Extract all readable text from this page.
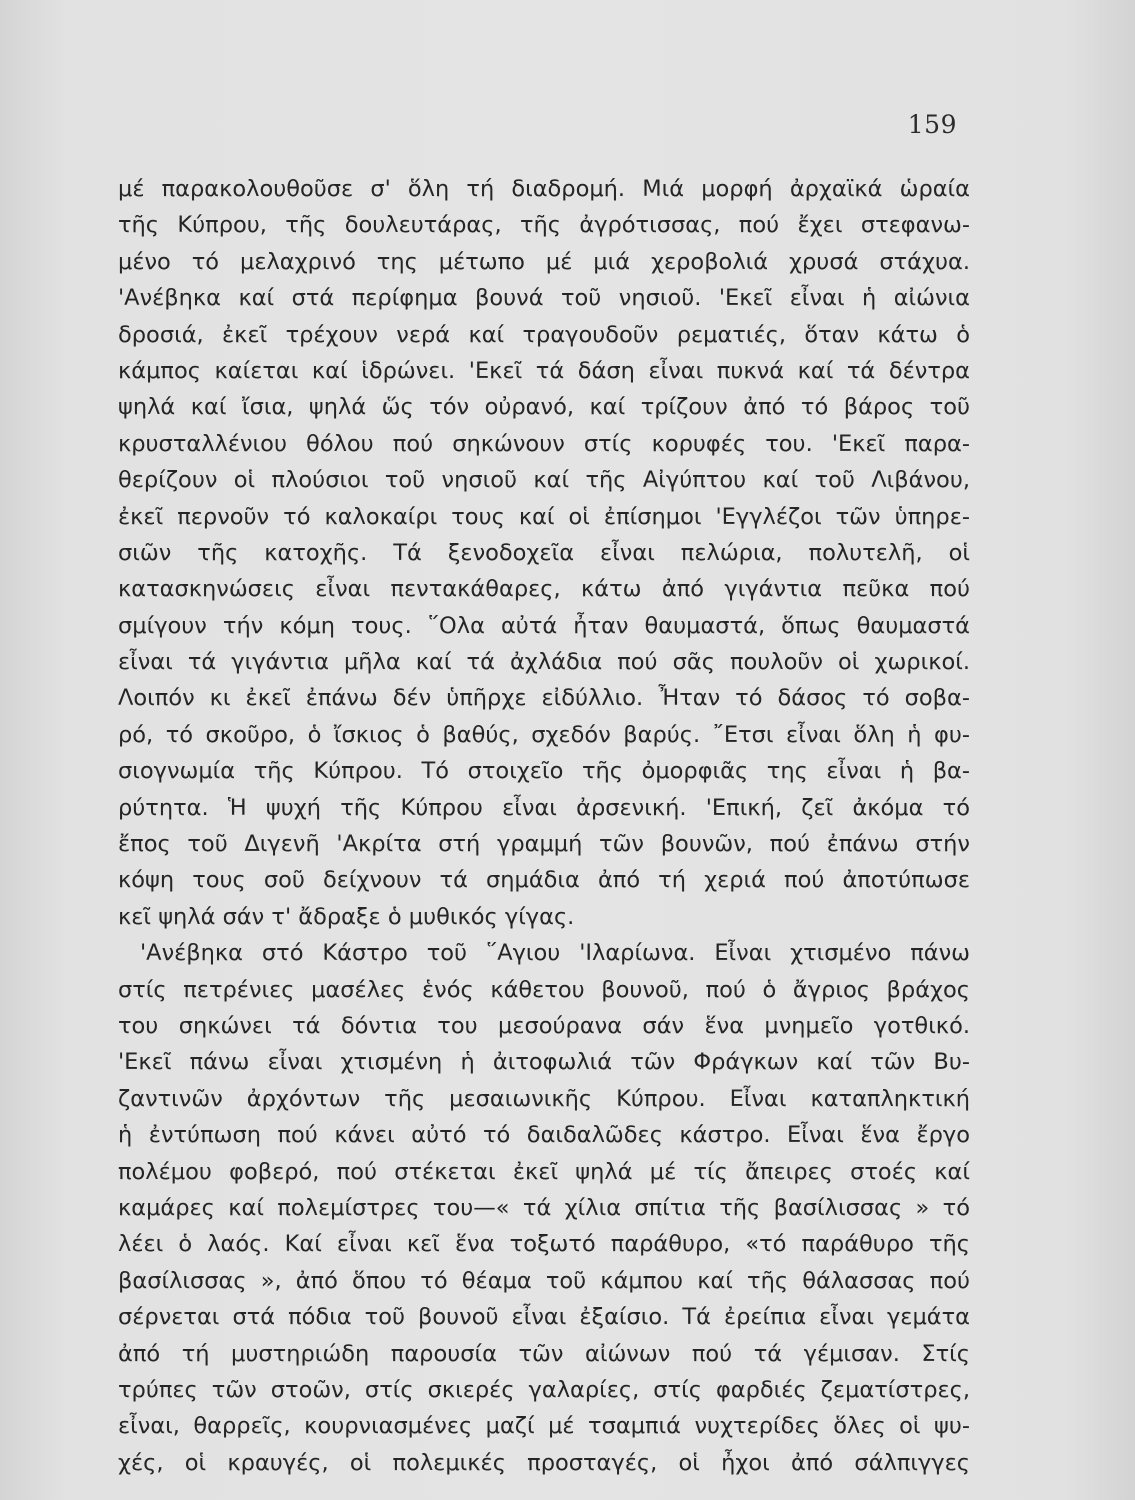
159
μέ παρακολουθοῦσε σ' ὅλη τή διαδρομή. Μιά μορφή ἀρχαϊκά ὡραία
τῆς Κύπρου, τῆς δουλευτάρας, τῆς ἀγρότισσας, πού ἔχει στεφανω-
μένο τό μελαχρινό της μέτωπο μέ μιά χεροβολιά χρυσά στάχυα.
'Ανέβηκα καί στά περίφημα βουνά τοῦ νησιοῦ. 'Εκεῖ εἶναι ἡ αἰώνια
δροσιά, ἐκεῖ τρέχουν νερά καί τραγουδοῦν ρεματιές, ὅταν κάτω ὁ
κάμπος καίεται καί ἱδρώνει. 'Εκεῖ τά δάση εἶναι πυκνά καί τά δέντρα
ψηλά καί ἴσια, ψηλά ὥς τόν οὐρανό, καί τρίζουν ἀπό τό βάρος τοῦ
κρυσταλλένιου θόλου πού σηκώνουν στίς κορυφές του. 'Εκεῖ παρα-
θερίζουν οἱ πλούσιοι τοῦ νησιοῦ καί τῆς Αἰγύπτου καί τοῦ Λιβάνου,
ἐκεῖ περνοῦν τό καλοκαίρι τους καί οἱ ἐπίσημοι 'Εγγλέζοι τῶν ὑπηρε-
σιῶν τῆς κατοχῆς. Τά ξενοδοχεῖα εἶναι πελώρια, πολυτελῆ, οἱ
κατασκηνώσεις εἶναι πεντακάθαρες, κάτω ἀπό γιγάντια πεῦκα πού
σμίγουν τήν κόμη τους. ῞Ολα αὐτά ἦταν θαυμαστά, ὅπως θαυμαστά
εἶναι τά γιγάντια μῆλα καί τά ἀχλάδια πού σᾶς πουλοῦν οἱ χωρικοί.
Λοιπόν κι ἐκεῖ ἐπάνω δέν ὑπῆρχε εἰδύλλιο. Ἦταν τό δάσος τό σοβα-
ρό, τό σκοῦρο, ὁ ἴσκιος ὁ βαθύς, σχεδόν βαρύς. ῎Ετσι εἶναι ὅλη ἡ φυ-
σιογνωμία τῆς Κύπρου. Τό στοιχεῖο τῆς ὀμορφιᾶς της εἶναι ἡ βα-
ρύτητα. Ἡ ψυχή τῆς Κύπρου εἶναι ἀρσενική. 'Επική, ζεῖ ἀκόμα τό
ἔπος τοῦ Διγενῆ 'Ακρίτα στή γραμμή τῶν βουνῶν, πού ἐπάνω στήν
κόψη τους σοῦ δείχνουν τά σημάδια ἀπό τή χεριά πού ἀποτύπωσε
κεῖ ψηλά σάν τ' ἄδραξε ὁ μυθικός γίγας.
'Ανέβηκα στό Κάστρο τοῦ ῞Αγιου 'Ιλαρίωνα. Εἶναι χτισμένο πάνω
στίς πετρένιες μασέλες ἑνός κάθετου βουνοῦ, πού ὁ ἄγριος βράχος
του σηκώνει τά δόντια του μεσούρανα σάν ἕνα μνημεῖο γοτθικό.
'Εκεῖ πάνω εἶναι χτισμένη ἡ ἀιτοφωλιά τῶν Φράγκων καί τῶν Βυ-
ζαντινῶν ἀρχόντων τῆς μεσαιωνικῆς Κύπρου. Εἶναι καταπληκτική
ἡ ἐντύπωση πού κάνει αὐτό τό δαιδαλῶδες κάστρο. Εἶναι ἕνα ἔργο
πολέμου φοβερό, πού στέκεται ἐκεῖ ψηλά μέ τίς ἄπειρες στοές καί
καμάρες καί πολεμίστρες του—« τά χίλια σπίτια τῆς βασίλισσας » τό
λέει ὁ λαός. Καί εἶναι κεῖ ἕνα τοξωτό παράθυρο, «τό παράθυρο τῆς
βασίλισσας », ἀπό ὅπου τό θέαμα τοῦ κάμπου καί τῆς θάλασσας πού
σέρνεται στά πόδια τοῦ βουνοῦ εἶναι ἐξαίσιο. Τά ἐρείπια εἶναι γεμάτα
ἀπό τή μυστηριώδη παρουσία τῶν αἰώνων πού τά γέμισαν. Στίς
τρύπες τῶν στοῶν, στίς σκιερές γαλαρίες, στίς φαρδιές ζεματίστρες,
εἶναι, θαρρεῖς, κουρνιασμένες μαζί μέ τσαμπιά νυχτερίδες ὅλες οἱ ψυ-
χές, οἱ κραυγές, οἱ πολεμικές προσταγές, οἱ ἦχοι ἀπό σάλπιγγες
